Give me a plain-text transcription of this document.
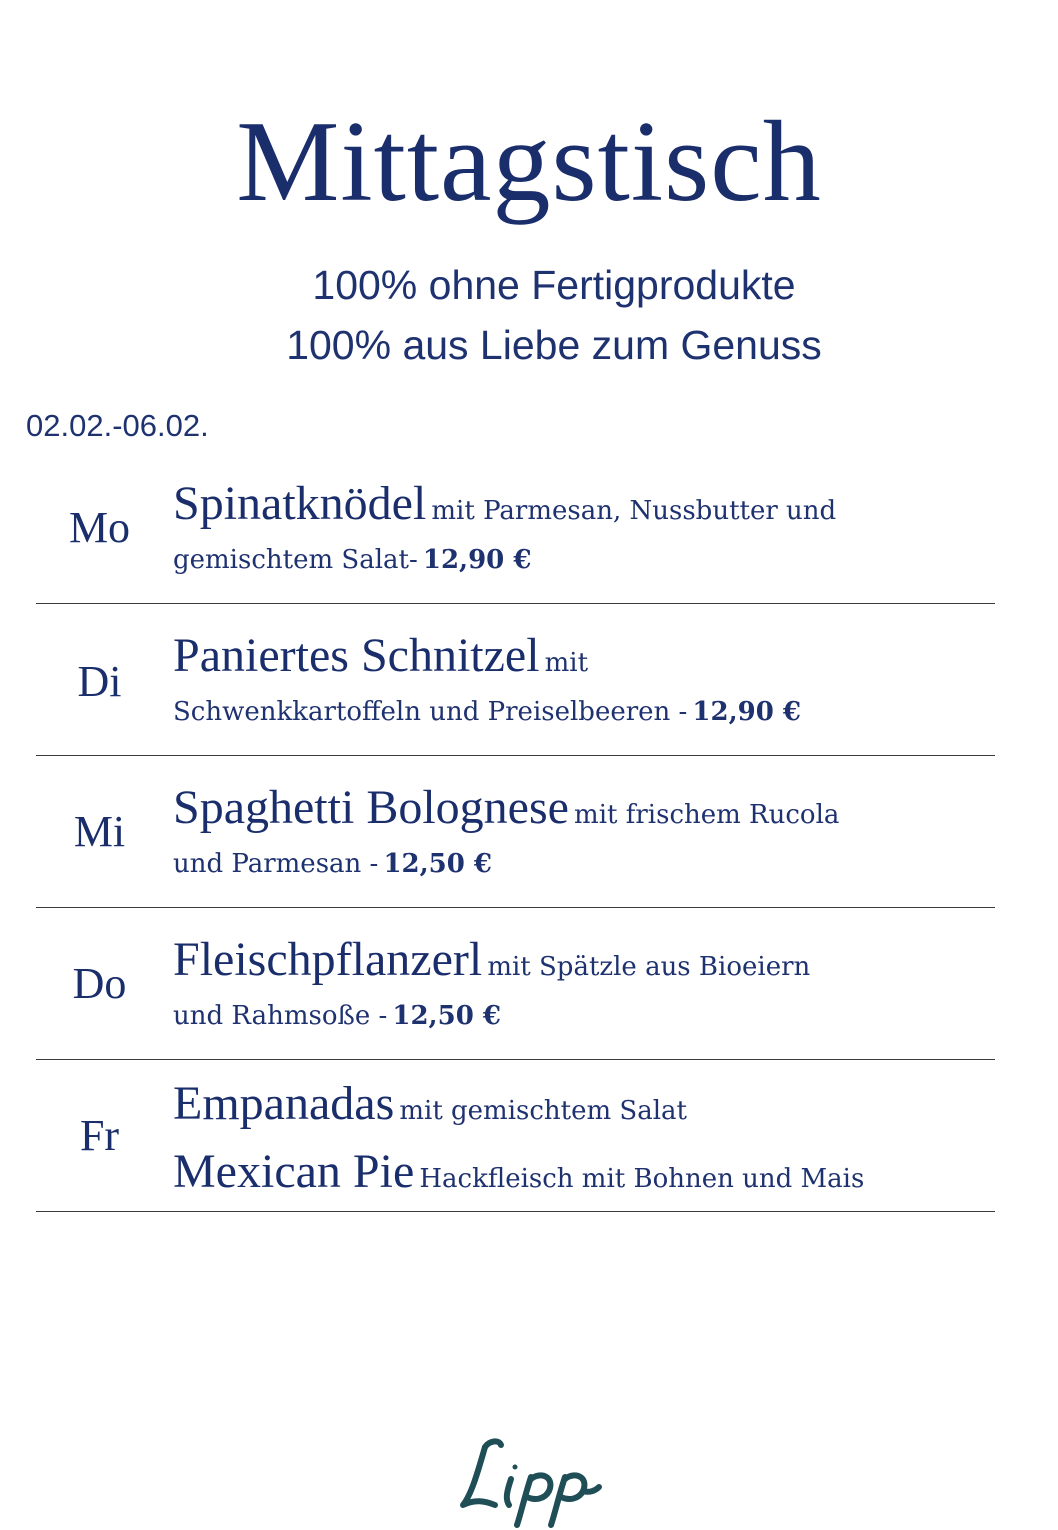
Mittagstisch
100% ohne Fertigprodukte
100% aus Liebe zum Genuss
02.02.-06.02.
Mo Spinatknödel mit Parmesan, Nussbutter und
gemischtem Salat- 12,90 €
Di	Paniertes Schnitzel mit
Schwenkkartoffeln und Preiselbeeren - 12,90 €
Mi Spaghetti Bolognese mit frischem Rucola
und Parmesan - 12,50 €
Do Fleischpflanzerl mit Spätzle aus Bioeiern
und Rahmsoße - 12,50 €
Fr
Empanadas mit gemischtem Salat
Mexican Pie Hackfleisch mit Bohnen und Mais
